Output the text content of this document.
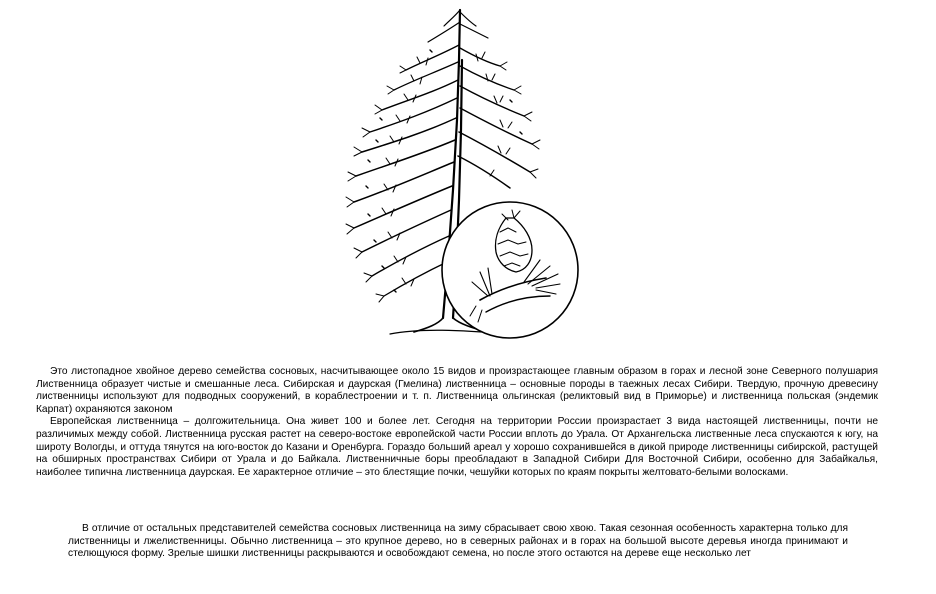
Это листопадное хвойное дерево семейства сосновых, насчитывающее около 15 видов и произрастающее главным образом в горах и лесной зоне Северного полушария Лиственница образует чистые и смешанные леса. Сибирская и даурская (Гмелина) лиственница – основные породы в таежных лесах Сибири. Твердую, прочную древесину лиственницы используют для подводных сооружений, в кораблестроении и т. п. Лиственница ольгинская (реликтовый вид в Приморье) и лиственница польская (эндемик Карпат) охраняются законом

Европейская лиственница – долгожительница. Она живет 100 и более лет. Сегодня на территории России произрастает 3 вида настоящей лиственницы, почти не различимых между собой. Лиственница русская растет на северо-востоке европейской части России вплоть до Урала. От Архангельска лиственные леса спускаются к югу, на широту Вологды, и оттуда тянутся на юго-восток до Казани и Оренбурга. Гораздо больший ареал у хорошо сохранившейся в дикой природе лиственницы сибирской, растущей на обширных пространствах Сибири от Урала и до Байкала. Лиственничные боры преобладают в Западной Сибири Для Восточной Сибири, особенно для Забайкалья, наиболее типична лиственница даурская. Ее характерное отличие – это блестящие почки, чешуйки которых по краям покрыты желтовато-белыми волосками.

В отличие от остальных представителей семейства сосновых лиственница на зиму сбрасывает свою хвою. Такая сезонная особенность характерна только для лиственницы и лжелиственницы. Обычно лиственница – это крупное дерево, но в северных районах и в горах на большой высоте деревья иногда принимают и стелющуюся форму. Зрелые шишки лиственницы раскрываются и освобождают семена, но после этого остаются на дереве еще несколько лет
